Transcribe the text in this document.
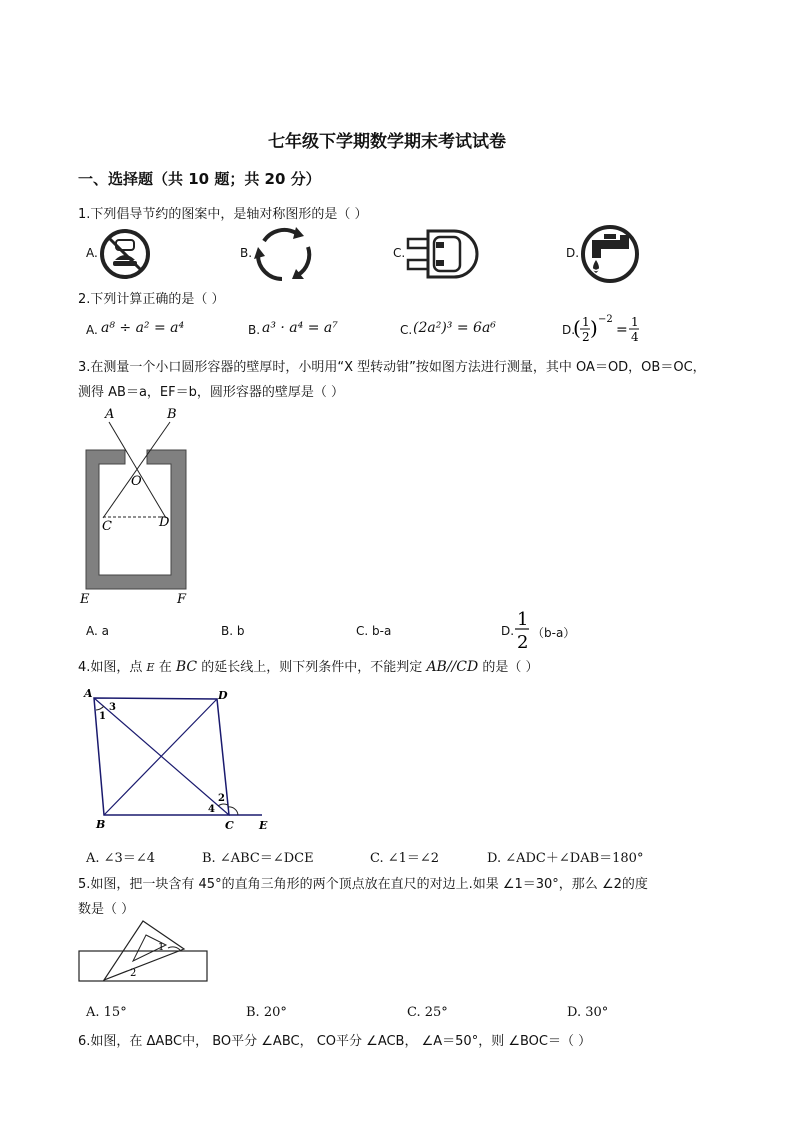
七年级下学期数学期末考试试卷
一、选择题（共 10 题；共 20 分）
1.下列倡导节约的图案中，是轴对称图形的是（ ）
A.	B.	C.	D.
2.下列计算正确的是（ ）
A. a⁸ ÷ a² = a⁴	B. a³ · a⁴ = a⁷	C. (2a²)³ = 6a⁶	D.
( 1
2 ) −2
= 1
4
3.在测量一个小口圆形容器的壁厚时，小明用“X 型转动钳”按如图方法进行测量，其中 OA＝OD，OB＝OC，
测得 AB＝a，EF＝b，圆形容器的壁厚是（ ）
A	B
O
C	D
E	F
A. a	B. b	C. b-a	D.
1
2 （b-a）
4.如图，点 E 在 BC 的延长线上，则下列条件中，不能判定 AB//CD 的是（ ）
A	D
B	C E
1
3
2
4
A. ∠3＝∠4	B. ∠ABC＝∠DCE	C. ∠1＝∠2	D. ∠ADC＋∠DAB＝180°
5.如图，把一块含有 45°的直角三角形的两个顶点放在直尺的对边上.如果 ∠1＝30°，那么 ∠2的度
数是（ ）
1
2
A. 15°	B. 20°	C. 25°	D. 30°
6.如图，在 ΔABC中， BO平分 ∠ABC， CO平分 ∠ACB， ∠A＝50°，则 ∠BOC＝（ ）
